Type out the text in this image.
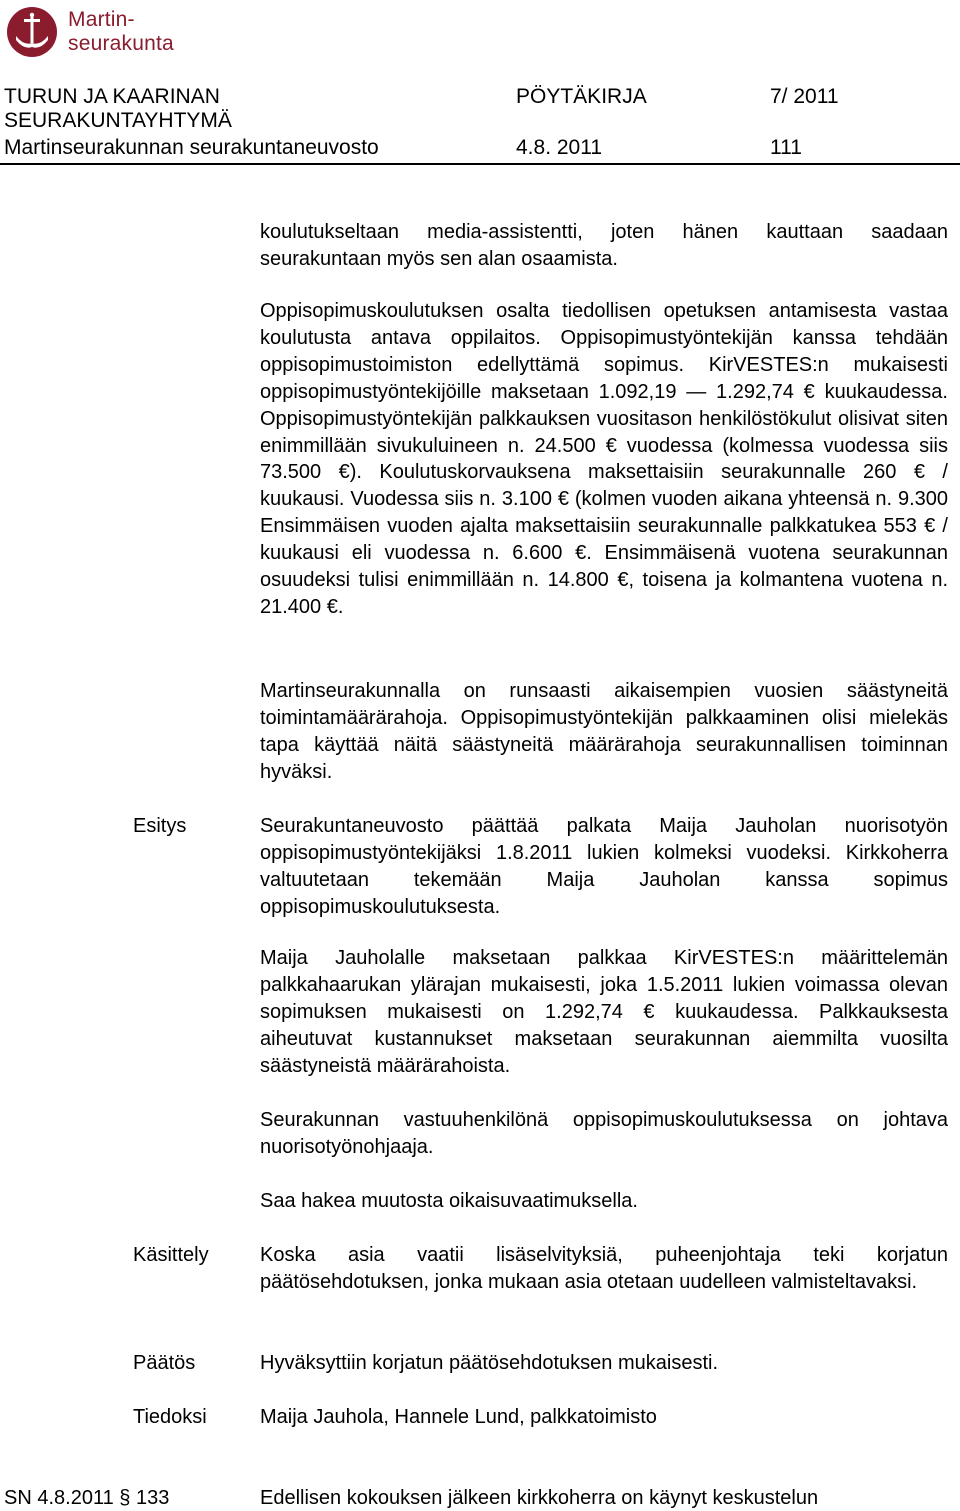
Martin-
seurakunta
TURUN JA KAARINAN
SEURAKUNTAYHTYMÄ
Martinseurakunnan seurakuntaneuvosto
PÖYTÄKIRJA	7/ 2011
4.8. 2011	111

koulutukseltaan media-assistentti, joten hänen kauttaan saadaan seurakuntaan myös sen alan osaamista.

Oppisopimuskoulutuksen osalta tiedollisen opetuksen antamisesta vastaa koulutusta antava oppilaitos. Oppisopimustyöntekijän kanssa tehdään oppisopimustoimiston edellyttämä sopimus. KirVESTES:n mukaisesti oppisopimustyöntekijöille maksetaan 1.092,19 — 1.292,74 € kuukaudessa. Oppisopimustyöntekijän palkkauksen vuositason henkilöstökulut olisivat siten enimmillään sivukuluineen n. 24.500 € vuodessa (kolmessa vuodessa siis 73.500 €). Koulutuskorvauksena maksettaisiin seurakunnalle 260 € / kuukausi. Vuodessa siis n. 3.100 € (kolmen vuoden aikana yhteensä n. 9.300 Ensimmäisen vuoden ajalta maksettaisiin seurakunnalle palkkatukea 553 € / kuukausi eli vuodessa n. 6.600 €. Ensimmäisenä vuotena seurakunnan osuudeksi tulisi enimmillään n. 14.800 €, toisena ja kolmantena vuotena n. 21.400 €.

Martinseurakunnalla on runsaasti aikaisempien vuosien säästyneitä toimintamäärärahoja. Oppisopimustyöntekijän palkkaaminen olisi mielekäs tapa käyttää näitä säästyneitä määrärahoja seurakunnallisen toiminnan hyväksi.

Esitys	Seurakuntaneuvosto päättää palkata Maija Jauholan nuorisotyön oppisopimustyöntekijäksi 1.8.2011 lukien kolmeksi vuodeksi. Kirkkoherra valtuutetaan tekemään Maija Jauholan kanssa sopimus oppisopimuskoulutuksesta.

Maija Jauholalle maksetaan palkkaa KirVESTES:n määrittelemän palkkahaarukan ylärajan mukaisesti, joka 1.5.2011 lukien voimassa olevan sopimuksen mukaisesti on 1.292,74 € kuukaudessa. Palkkauksesta aiheutuvat kustannukset maksetaan seurakunnan aiemmilta vuosilta säästyneistä määrärahoista.

Seurakunnan vastuuhenkilönä oppisopimuskoulutuksessa on johtava nuorisotyönohjaaja.

Saa hakea muutosta oikaisuvaatimuksella.

Käsittely	Koska asia vaatii lisäselvityksiä, puheenjohtaja teki korjatun päätösehdotuksen, jonka mukaan asia otetaan uudelleen valmisteltavaksi.

Päätös	Hyväksyttiin korjatun päätösehdotuksen mukaisesti.

Tiedoksi	Maija Jauhola, Hannele Lund, palkkatoimisto

SN 4.8.2011 § 133	Edellisen kokouksen jälkeen kirkkoherra on käynyt keskustelun
